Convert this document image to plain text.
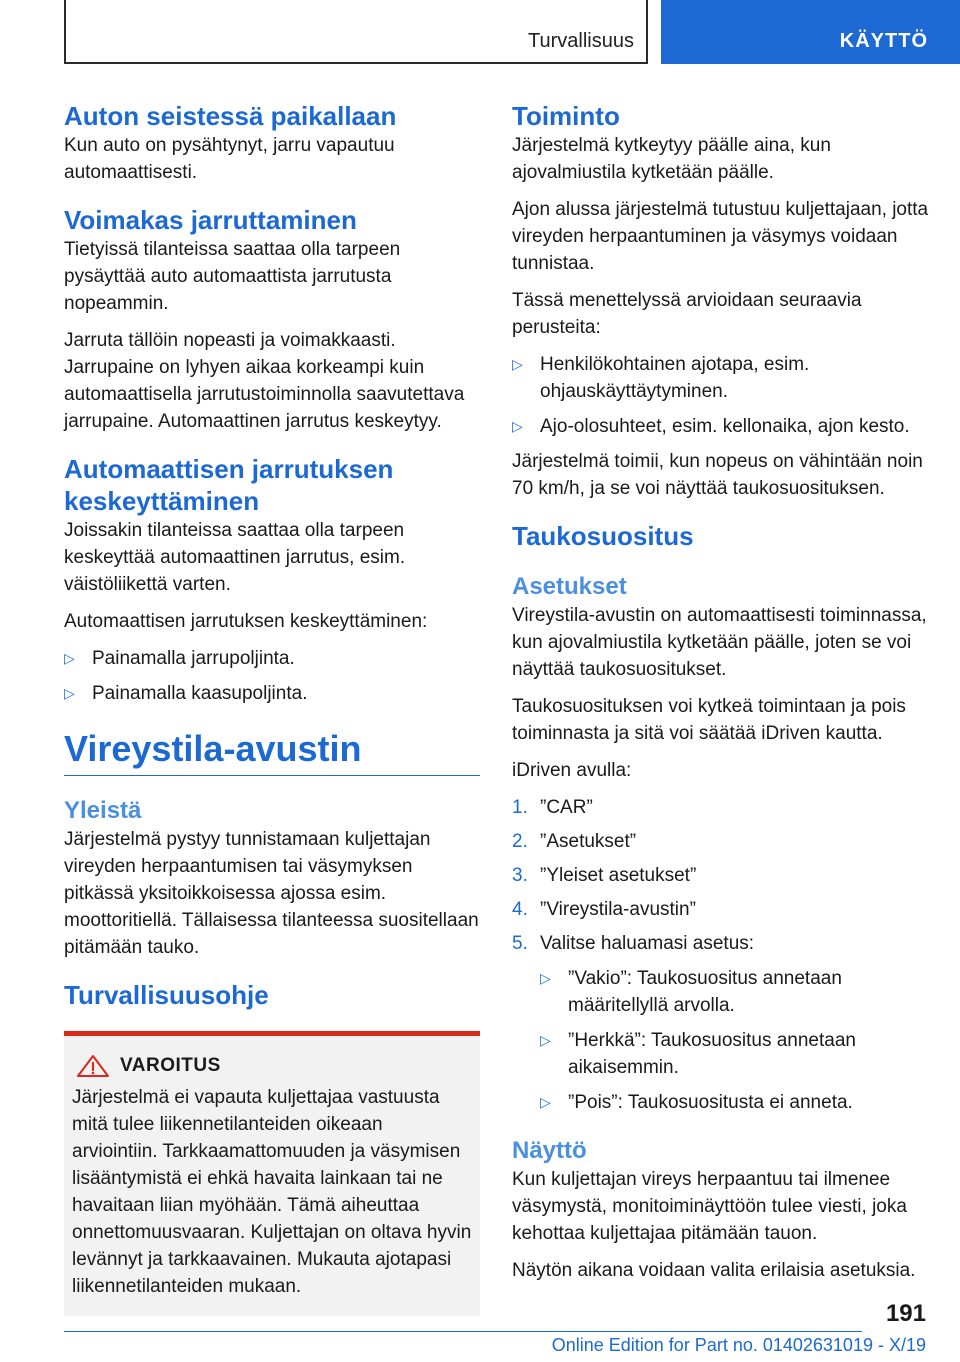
Turvallisuus	KÄYTTÖ
Auton seistessä paikallaan

Kun auto on pysähtynyt, jarru vapautuu automaattisesti.

Voimakas jarruttaminen

Tietyissä tilanteissa saattaa olla tarpeen pysäyttää auto automaattista jarrutusta nopeammin.

Jarruta tällöin nopeasti ja voimakkaasti. Jarrupaine on lyhyen aikaa korkeampi kuin automaattisella jarrutustoiminnolla saavutettava jarrupaine. Automaattinen jarrutus keskeytyy.

Automaattisen jarrutuksen keskeyttäminen

Joissakin tilanteissa saattaa olla tarpeen keskeyttää automaattinen jarrutus, esim. väistöliikettä varten.

Automaattisen jarrutuksen keskeyttäminen:

▷ Painamalla jarrupoljinta.
▷ Painamalla kaasupoljinta.
Vireystila-avustin
Yleistä

Järjestelmä pystyy tunnistamaan kuljettajan vireyden herpaantumisen tai väsymyksen pitkässä yksitoikkoisessa ajossa esim. moottoritiellä. Tällaisessa tilanteessa suositellaan pitämään tauko.

Turvallisuusohje
VAROITUS

Järjestelmä ei vapauta kuljettajaa vastuusta mitä tulee liikennetilanteiden oikeaan arviointiin. Tarkkaamattomuuden ja väsymisen lisääntymistä ei ehkä havaita lainkaan tai ne havaitaan liian myöhään. Tämä aiheuttaa onnettomuusvaaran. Kuljettajan on oltava hyvin levännyt ja tarkkaavainen. Mukauta ajotapasi liikennetilanteiden mukaan.

Toiminto

Järjestelmä kytkeytyy päälle aina, kun ajovalmiustila kytketään päälle.

Ajon alussa järjestelmä tutustuu kuljettajaan, jotta vireyden herpaantuminen ja väsymys voidaan tunnistaa.

Tässä menettelyssä arvioidaan seuraavia perusteita:

▷ Henkilökohtainen ajotapa, esim. ohjauskäyttäytyminen.
▷ Ajo-olosuhteet, esim. kellonaika, ajon kesto.

Järjestelmä toimii, kun nopeus on vähintään noin 70 km/h, ja se voi näyttää taukosuosituksen.

Taukosuositus
Asetukset

Vireystila-avustin on automaattisesti toiminnassa, kun ajovalmiustila kytketään päälle, joten se voi näyttää taukosuositukset.

Taukosuosituksen voi kytkeä toimintaan ja pois toiminnasta ja sitä voi säätää iDriven kautta.

iDriven avulla:

1. ”CAR”
2. ”Asetukset”
3. ”Yleiset asetukset”
4. ”Vireystila-avustin”
5. Valitse haluamasi asetus:
▷ ”Vakio”: Taukosuositus annetaan määritellyllä arvolla.
▷ ”Herkkä”: Taukosuositus annetaan aikaisemmin.
▷ ”Pois”: Taukosuositusta ei anneta.
Näyttö

Kun kuljettajan vireys herpaantuu tai ilmenee väsymystä, monitoiminäyttöön tulee viesti, joka kehottaa kuljettajaa pitämään tauon.

Näytön aikana voidaan valita erilaisia asetuksia.

191
Online Edition for Part no. 01402631019 - X/19
